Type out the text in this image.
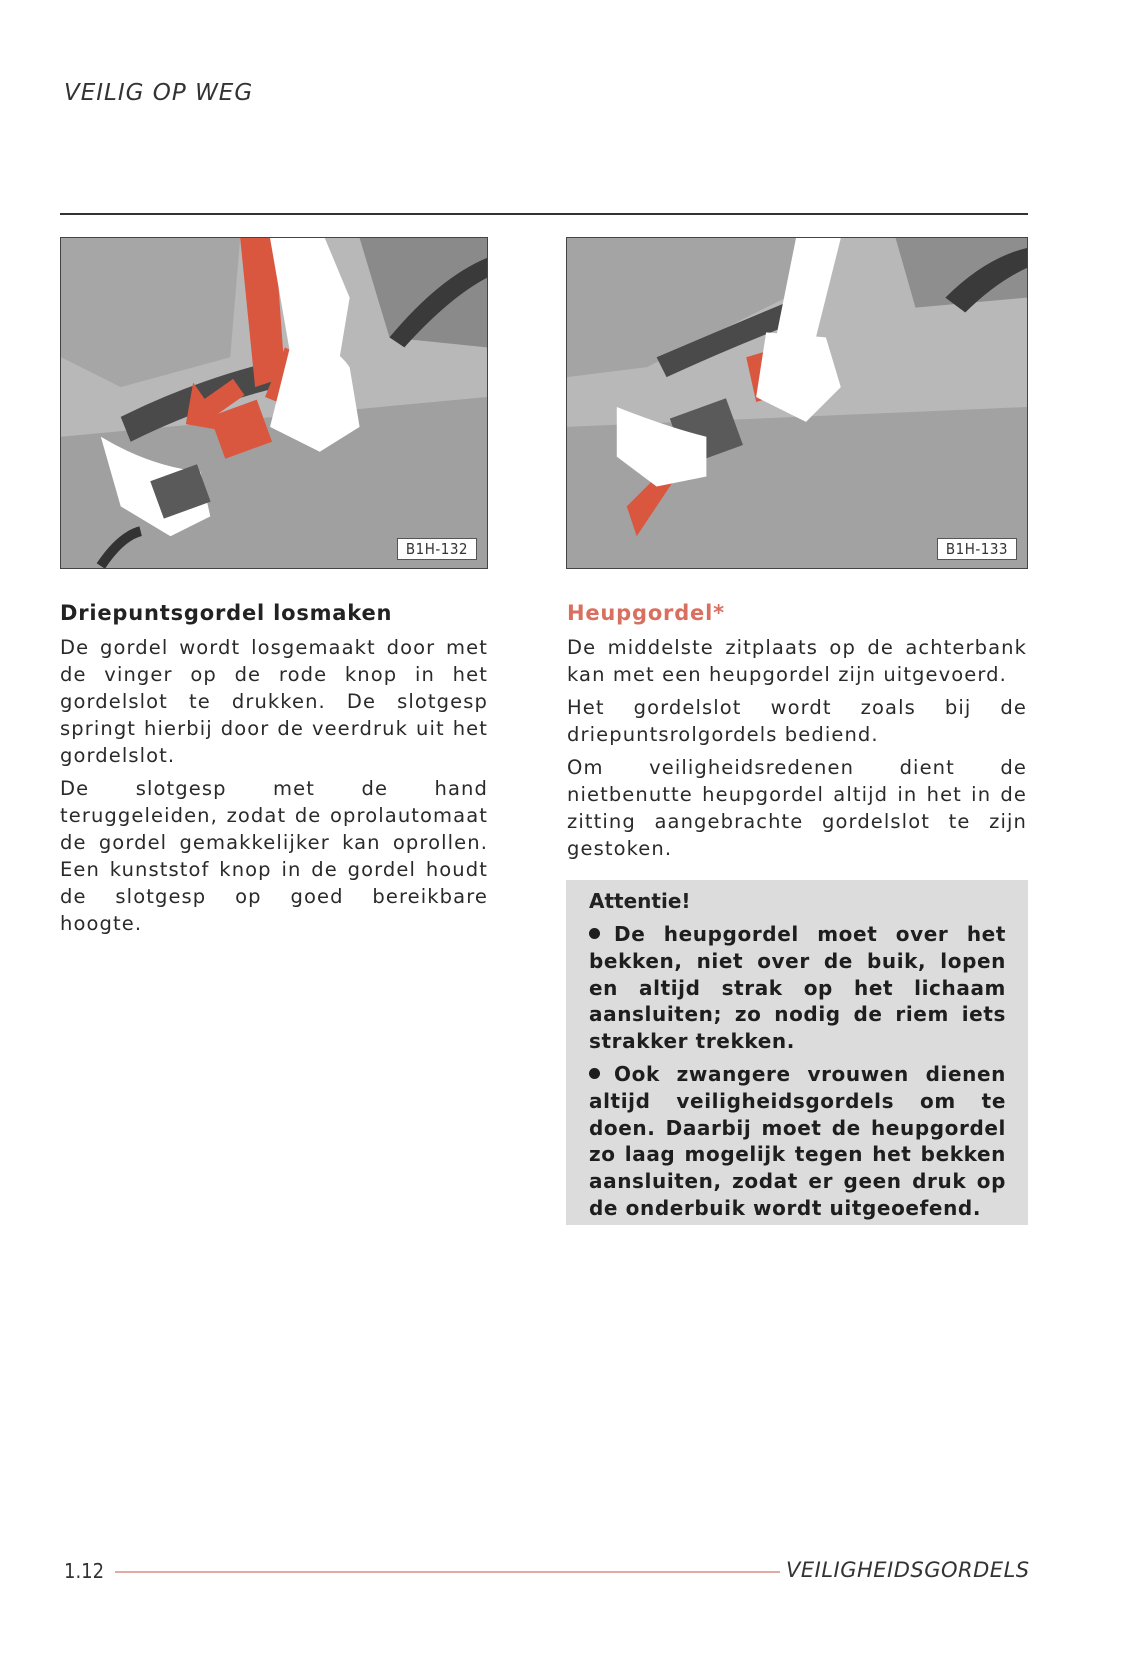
VEILIG OP WEG
B1H-132	B1H-133
Driepuntsgordel losmaken

De gordel wordt losgemaakt door met de vinger op de rode knop in het gordelslot te drukken. De slotgesp springt hierbij door de veerdruk uit het gordelslot.

De slotgesp met de hand teruggeleiden, zodat de oprolautomaat de gordel gemakkelijker kan oprollen. Een kunststof knop in de gordel houdt de slotgesp op goed bereikbare hoogte.

Heupgordel*

De middelste zitplaats op de achterbank kan met een heupgordel zijn uitgevoerd.

Het gordelslot wordt zoals bij de driepuntsrolgordels bediend.

Om veiligheidsredenen dient de nietbenutte heupgordel altijd in het in de zitting aangebrachte gordelslot te zijn gestoken.

Attentie!

De heupgordel moet over het bekken, niet over de buik, lopen en altijd strak op het lichaam aansluiten; zo nodig de riem iets strakker trekken.

Ook zwangere vrouwen dienen altijd veiligheidsgordels om te doen. Daarbij moet de heupgordel zo laag mogelijk tegen het bekken aansluiten, zodat er geen druk op de onderbuik wordt uitgeoefend.

1.12	VEILIGHEIDSGORDELS
